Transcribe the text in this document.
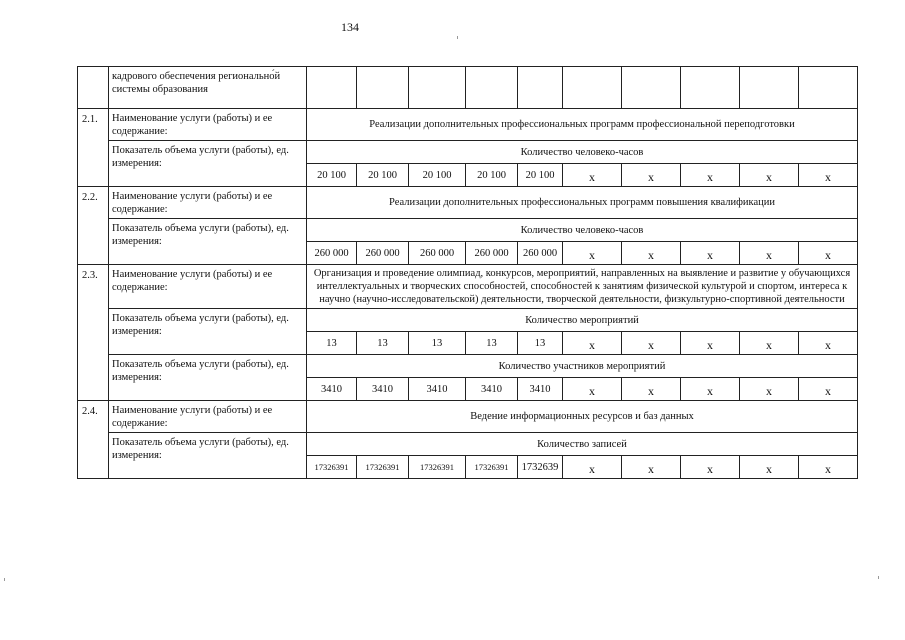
134
	кадрового обеспечения регионально́й системы образования										
2.1.	Наименование услуги (работы) и ее содержание:	Реализации дополнительных профессиональных программ профессиональной переподготовки									
	Показатель объема услуги (работы), ед. измерения:	Количество человеко-часов									
		20 100	20 100	20 100	20 100	20 100	x	x	x	x	x
2.2.	Наименование услуги (работы) и ее содержание:	Реализации дополнительных профессиональных программ повышения квалификации									
	Показатель объема услуги (работы), ед. измерения:	Количество человеко-часов									
		260 000	260 000	260 000	260 000	260 000	x	x	x	x	x
2.3.	Наименование услуги (работы) и ее содержание:	Организация и проведение олимпиад, конкурсов, мероприятий, направленных на выявление и развитие у обучающихся интеллектуальных и творческих способностей, способностей к занятиям физической культурой и спортом, интереса к научно (научно-исследовательской) деятельности, творческой деятельности, физкультурно-спортивной деятельности									
	Показатель объема услуги (работы), ед. измерения:	Количество мероприятий									
		13	13	13	13	13	x	x	x	x	x
	Показатель объема услуги (работы), ед. измерения:	Количество участников мероприятий									
		3410	3410	3410	3410	3410	x	x	x	x	x
2.4.	Наименование услуги (работы) и ее содержание:	Ведение информационных ресурсов и баз данных									
	Показатель объема услуги (работы), ед. измерения:	Количество записей									
		17326391	17326391	17326391	17326391	1732639	x	x	x	x	x
